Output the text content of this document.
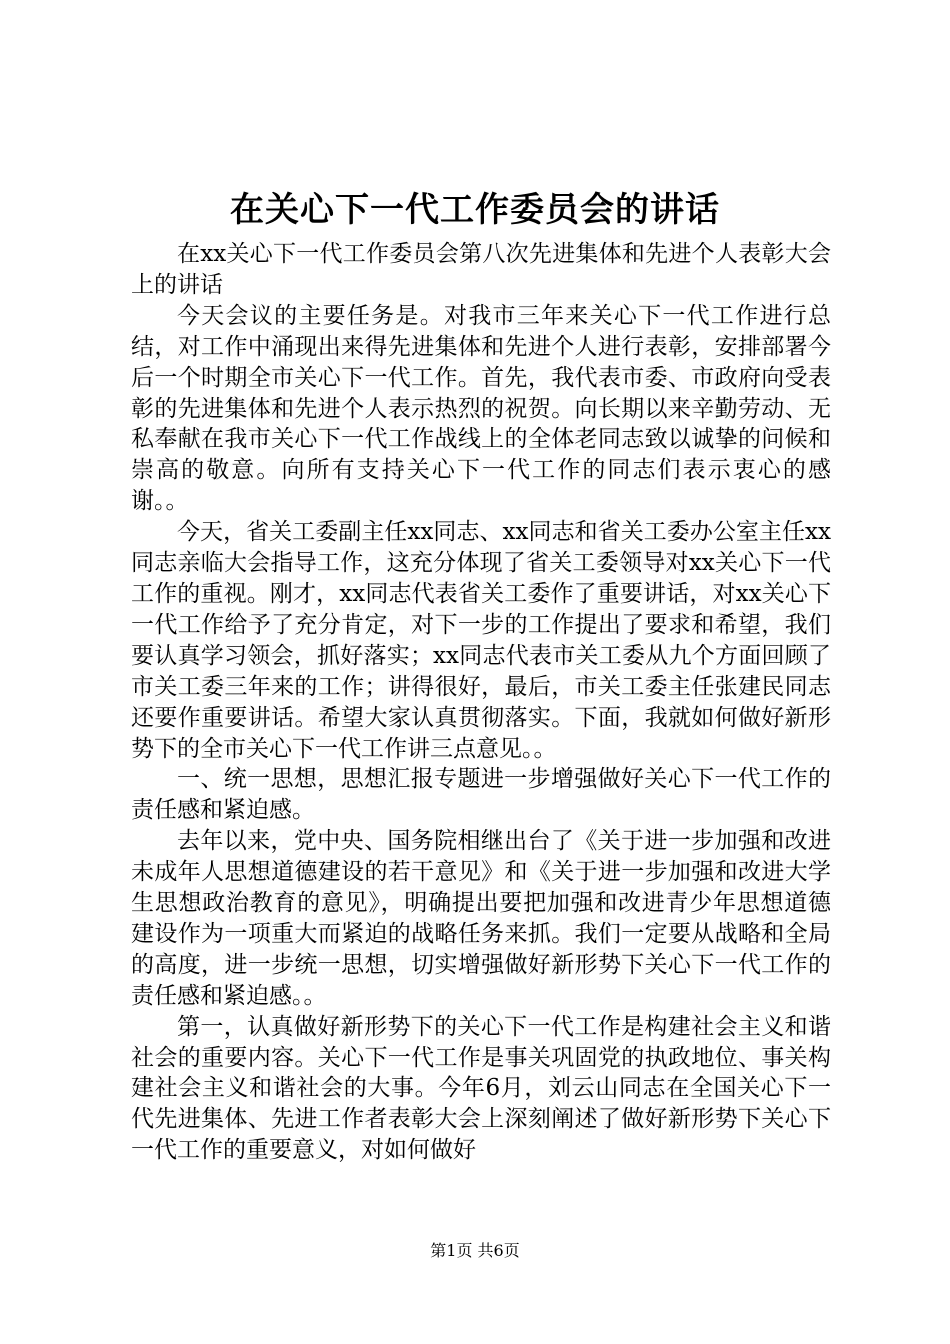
在关心下一代工作委员会的讲话

在xx关心下一代工作委员会第八次先进集体和先进个人表彰大会上的讲话

今天会议的主要任务是。对我市三年来关心下一代工作进行总结，对工作中涌现出来得先进集体和先进个人进行表彰，安排部署今后一个时期全市关心下一代工作。首先，我代表市委、市政府向受表彰的先进集体和先进个人表示热烈的祝贺。向长期以来辛勤劳动、无私奉献在我市关心下一代工作战线上的全体老同志致以诚挚的问候和崇高的敬意。向所有支持关心下一代工作的同志们表示衷心的感谢。。

今天，省关工委副主任xx同志、xx同志和省关工委办公室主任xx同志亲临大会指导工作，这充分体现了省关工委领导对xx关心下一代工作的重视。刚才，xx同志代表省关工委作了重要讲话，对xx关心下一代工作给予了充分肯定，对下一步的工作提出了要求和希望，我们要认真学习领会，抓好落实；xx同志代表市关工委从九个方面回顾了市关工委三年来的工作；讲得很好，最后，市关工委主任张建民同志还要作重要讲话。希望大家认真贯彻落实。下面，我就如何做好新形势下的全市关心下一代工作讲三点意见。。

一、统一思想，思想汇报专题进一步增强做好关心下一代工作的责任感和紧迫感。

去年以来，党中央、国务院相继出台了《关于进一步加强和改进未成年人思想道德建设的若干意见》和《关于进一步加强和改进大学生思想政治教育的意见》，明确提出要把加强和改进青少年思想道德建设作为一项重大而紧迫的战略任务来抓。我们一定要从战略和全局的高度，进一步统一思想，切实增强做好新形势下关心下一代工作的责任感和紧迫感。。

第一，认真做好新形势下的关心下一代工作是构建社会主义和谐社会的重要内容。关心下一代工作是事关巩固党的执政地位、事关构建社会主义和谐社会的大事。今年6月，刘云山同志在全国关心下一代先进集体、先进工作者表彰大会上深刻阐述了做好新形势下关心下一代工作的重要意义，对如何做好

第1页 共6页
